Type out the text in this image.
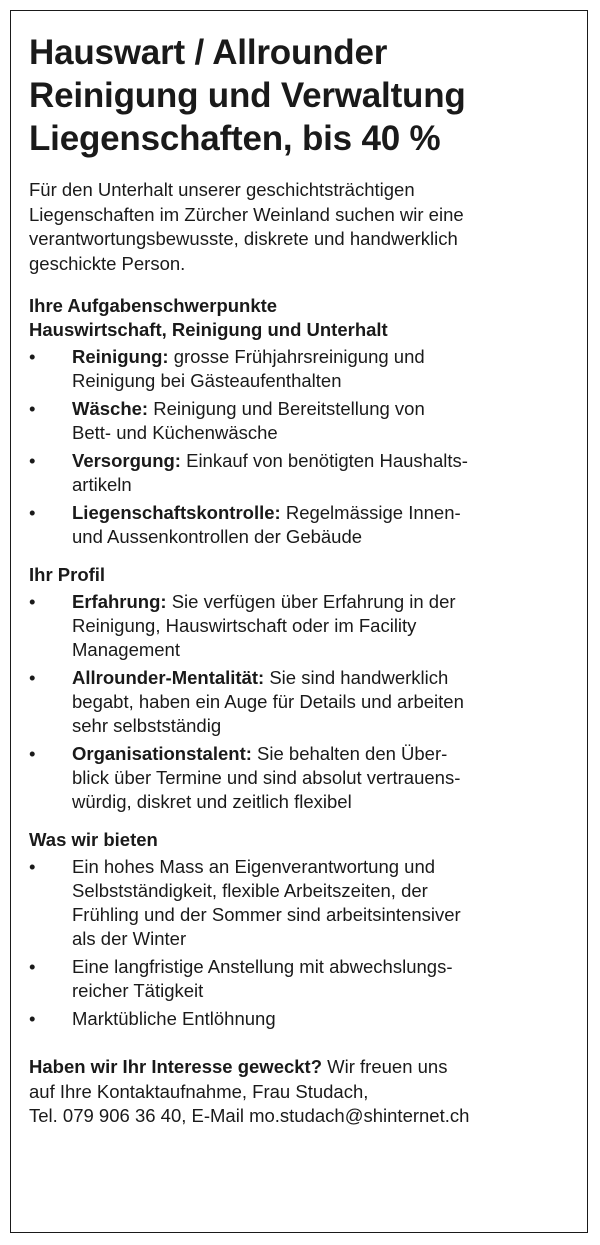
Hauswart / Allrounder
Reinigung und Verwaltung
Liegenschaften, bis 40 %
Für den Unterhalt unserer geschichtsträchtigen
Liegenschaften im Zürcher Weinland suchen wir eine
verantwortungsbewusste, diskrete und handwerklich
geschickte Person.
Ihre Aufgabenschwerpunkte
Hauswirtschaft, Reinigung und Unterhalt
• Reinigung: grosse Frühjahrsreinigung und
Reinigung bei Gästeaufenthalten
• Wäsche: Reinigung und Bereitstellung von
Bett- und Küchenwäsche
• Versorgung: Einkauf von benötigten Haushalts-
artikeln
• Liegenschaftskontrolle: Regelmässige Innen-
und Aussenkontrollen der Gebäude
Ihr Profil
• Erfahrung: Sie verfügen über Erfahrung in der
Reinigung, Hauswirtschaft oder im Facility
Management
• Allrounder-Mentalität: Sie sind handwerklich
begabt, haben ein Auge für Details und arbeiten
sehr selbstständig
• Organisationstalent: Sie behalten den Über-
blick über Termine und sind absolut vertrauens-
würdig, diskret und zeitlich flexibel
Was wir bieten
• Ein hohes Mass an Eigenverantwortung und
Selbstständigkeit, flexible Arbeitszeiten, der
Frühling und der Sommer sind arbeitsintensiver
als der Winter
• Eine langfristige Anstellung mit abwechslungs-
reicher Tätigkeit
• Marktübliche Entlöhnung
Haben wir Ihr Interesse geweckt? Wir freuen uns
auf Ihre Kontaktaufnahme, Frau Studach,
Tel. 079 906 36 40, E-Mail mo.studach@shinternet.ch
